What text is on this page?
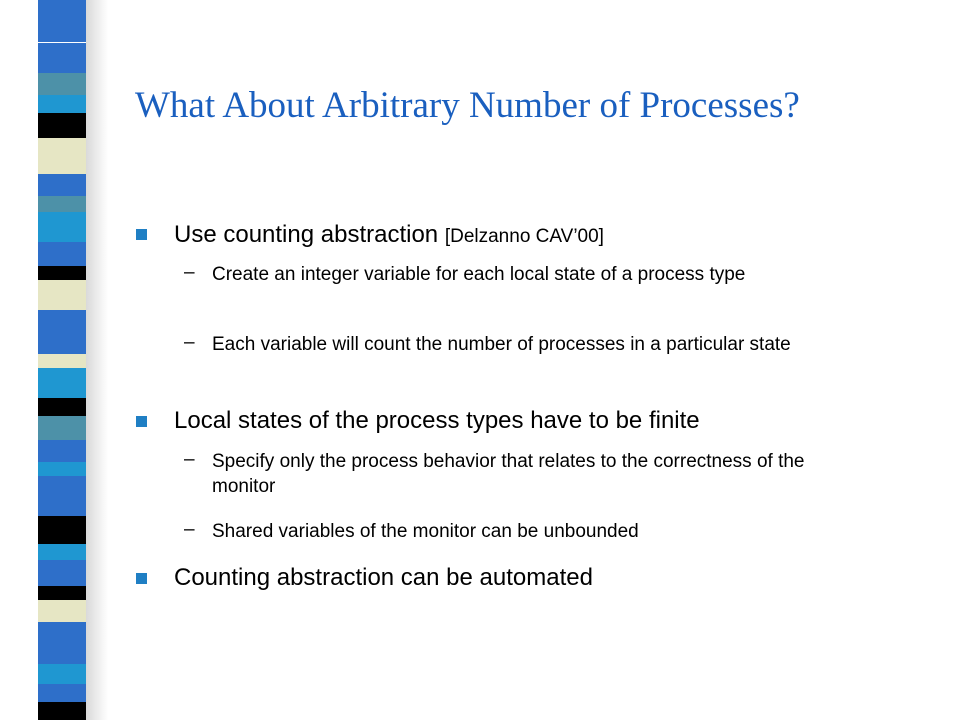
What About Arbitrary Number of Processes?
Use counting abstraction [Delzanno CAV’00]
– Create an integer variable for each local state of a process type
– Each variable will count the number of processes in a particular state
Local states of the process types have to be finite
– Specify only the process behavior that relates to the correctness of the monitor
– Shared variables of the monitor can be unbounded
Counting abstraction can be automated
